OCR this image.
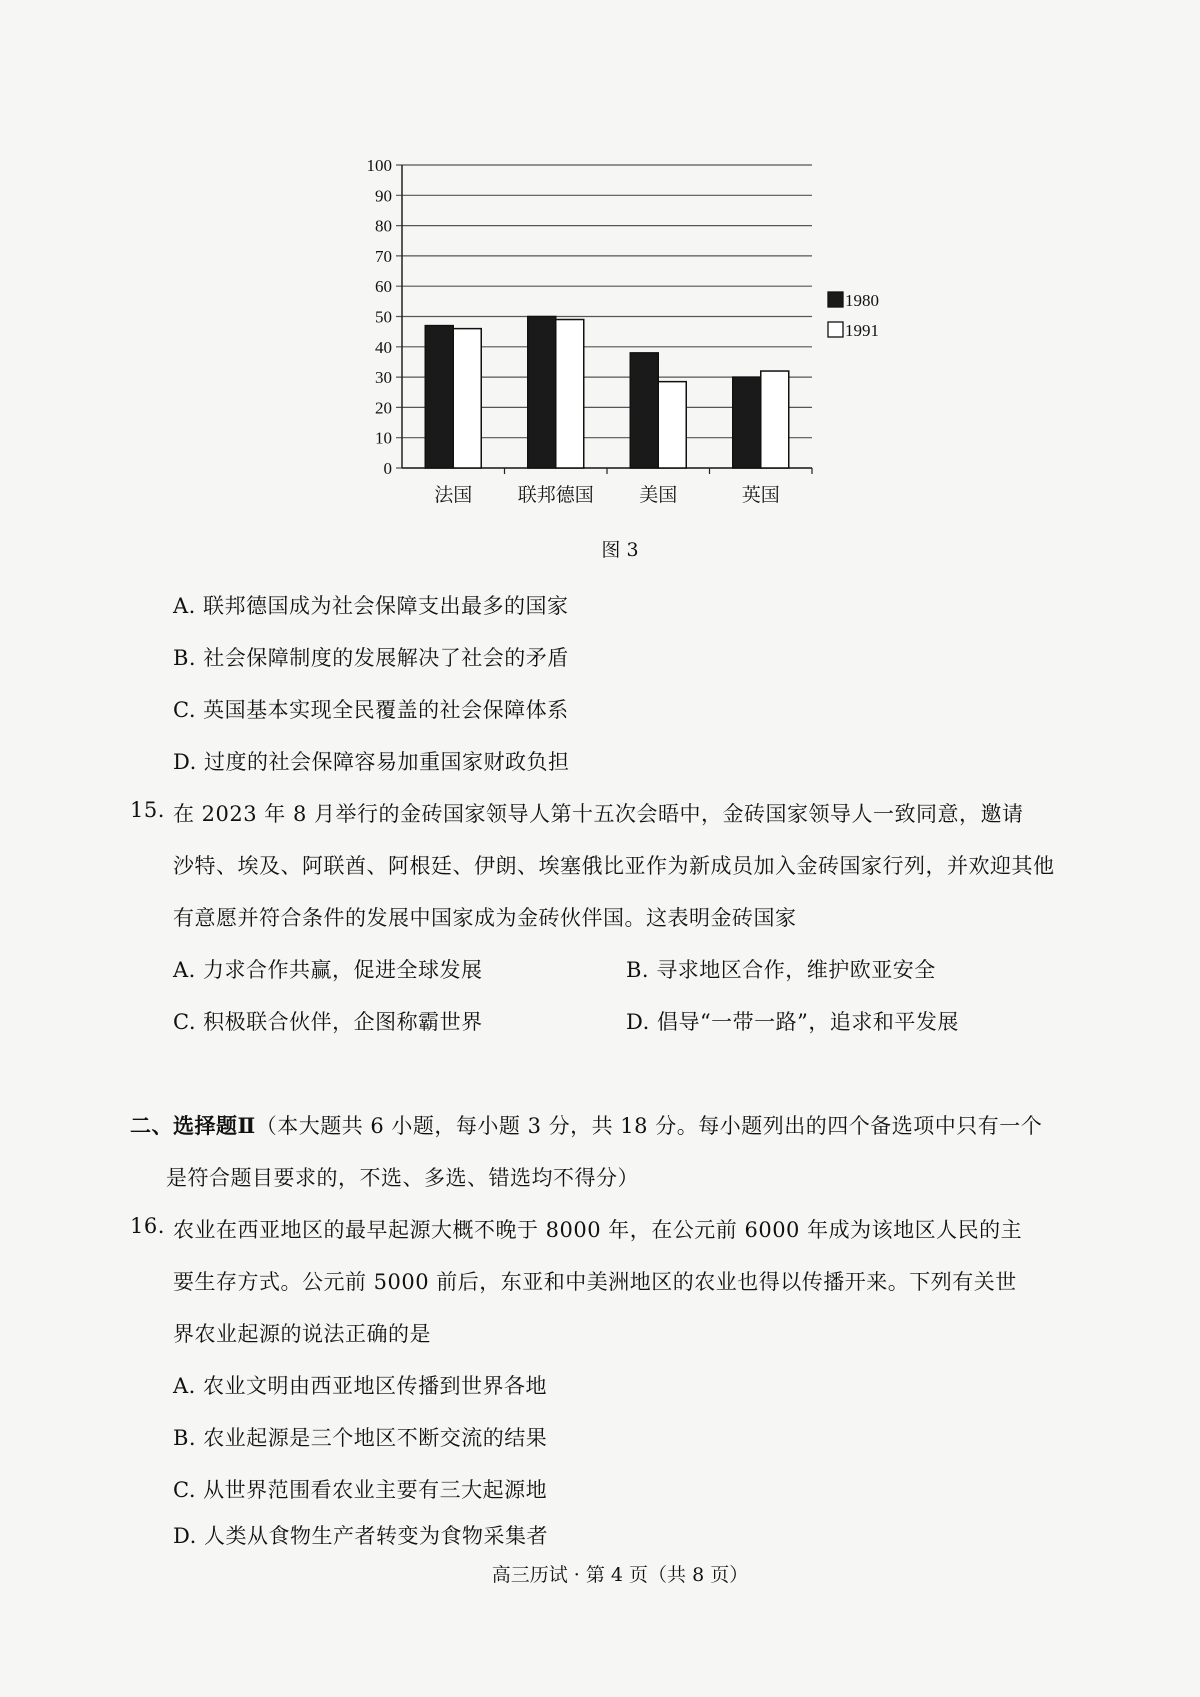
0
10
20
30
40
50
60
70
80
90
100
法国 联邦德国 美国	英国
1980
1991
图 3
A. 联邦德国成为社会保障支出最多的国家
B. 社会保障制度的发展解决了社会的矛盾
C. 英国基本实现全民覆盖的社会保障体系
D. 过度的社会保障容易加重国家财政负担
15. 在 2023 年 8 月举行的金砖国家领导人第十五次会晤中，金砖国家领导人一致同意，邀请
沙特、埃及、阿联酋、阿根廷、伊朗、埃塞俄比亚作为新成员加入金砖国家行列，并欢迎其他
有意愿并符合条件的发展中国家成为金砖伙伴国。这表明金砖国家
A. 力求合作共赢，促进全球发展	B. 寻求地区合作，维护欧亚安全
C. 积极联合伙伴，企图称霸世界	D. 倡导“一带一路”，追求和平发展
二、选择题Ⅱ（本大题共 6 小题，每小题 3 分，共 18 分。每小题列出的四个备选项中只有一个
是符合题目要求的，不选、多选、错选均不得分）
16. 农业在西亚地区的最早起源大概不晚于 8000 年，在公元前 6000 年成为该地区人民的主
要生存方式。公元前 5000 前后，东亚和中美洲地区的农业也得以传播开来。下列有关世
界农业起源的说法正确的是
A. 农业文明由西亚地区传播到世界各地
B. 农业起源是三个地区不断交流的结果
C. 从世界范围看农业主要有三大起源地
D. 人类从食物生产者转变为食物采集者
高三历试 · 第 4 页（共 8 页）
